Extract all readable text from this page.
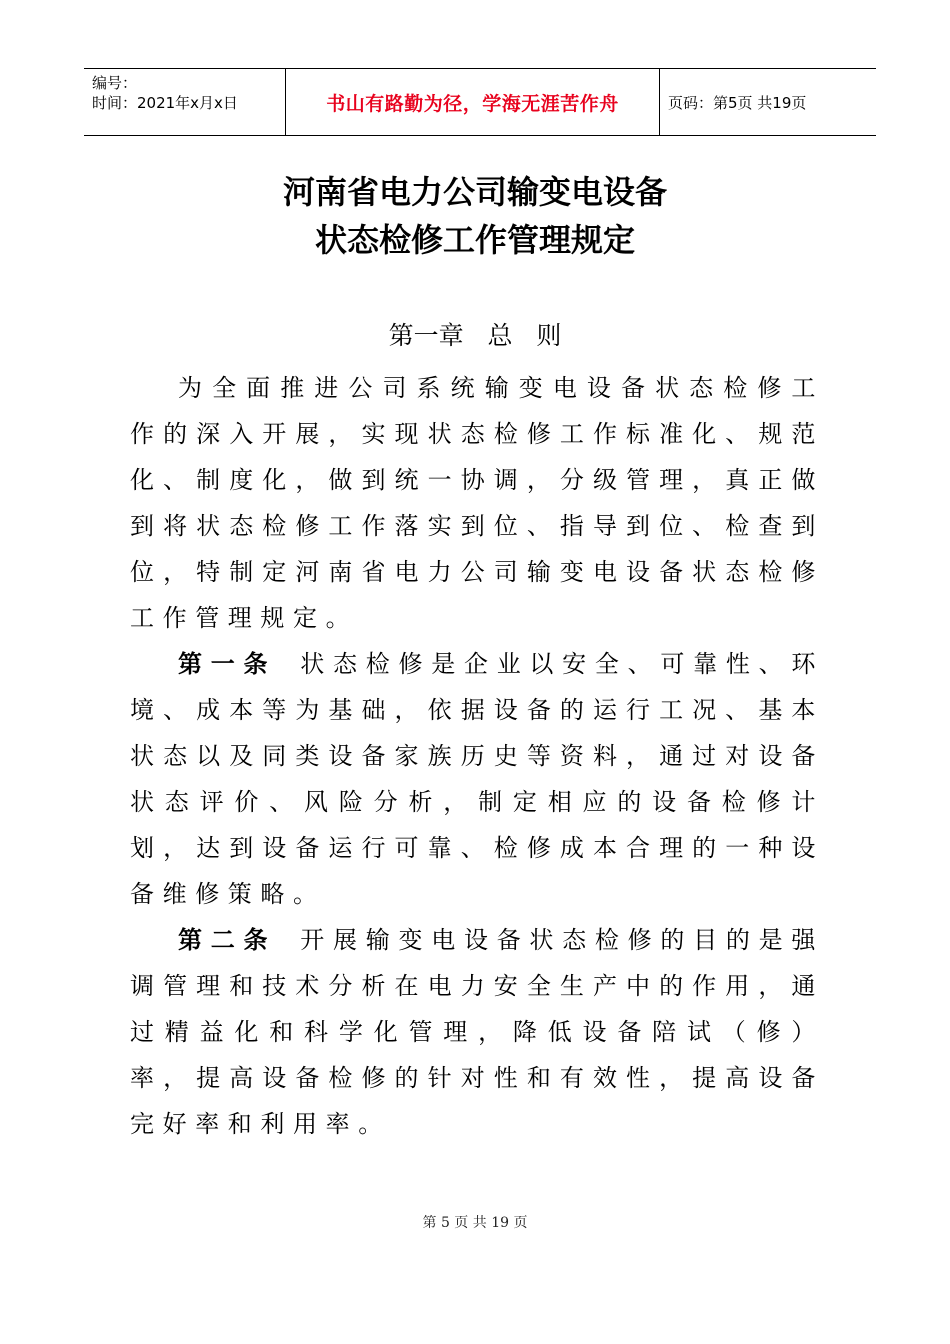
编号：
时间：2021年x月x日	书山有路勤为径，学海无涯苦作舟	页码：第5页 共19页
河南省电力公司输变电设备
状态检修工作管理规定
第一章   总   则

为全面推进公司系统输变电设备状态检修工作的深入开展，实现状态检修工作标准化、规范化、制度化，做到统一协调，分级管理，真正做到将状态检修工作落实到位、指导到位、检查到位，特制定河南省电力公司输变电设备状态检修工作管理规定。

第一条 状态检修是企业以安全、可靠性、环境、成本等为基础，依据设备的运行工况、基本状态以及同类设备家族历史等资料，通过对设备状态评价、风险分析，制定相应的设备检修计划，达到设备运行可靠、检修成本合理的一种设备维修策略。

第二条 开展输变电设备状态检修的目的是强调管理和技术分析在电力安全生产中的作用，通过精益化和科学化管理，降低设备陪试（修）率，提高设备检修的针对性和有效性，提高设备完好率和利用率。

第 5 页 共 19 页
